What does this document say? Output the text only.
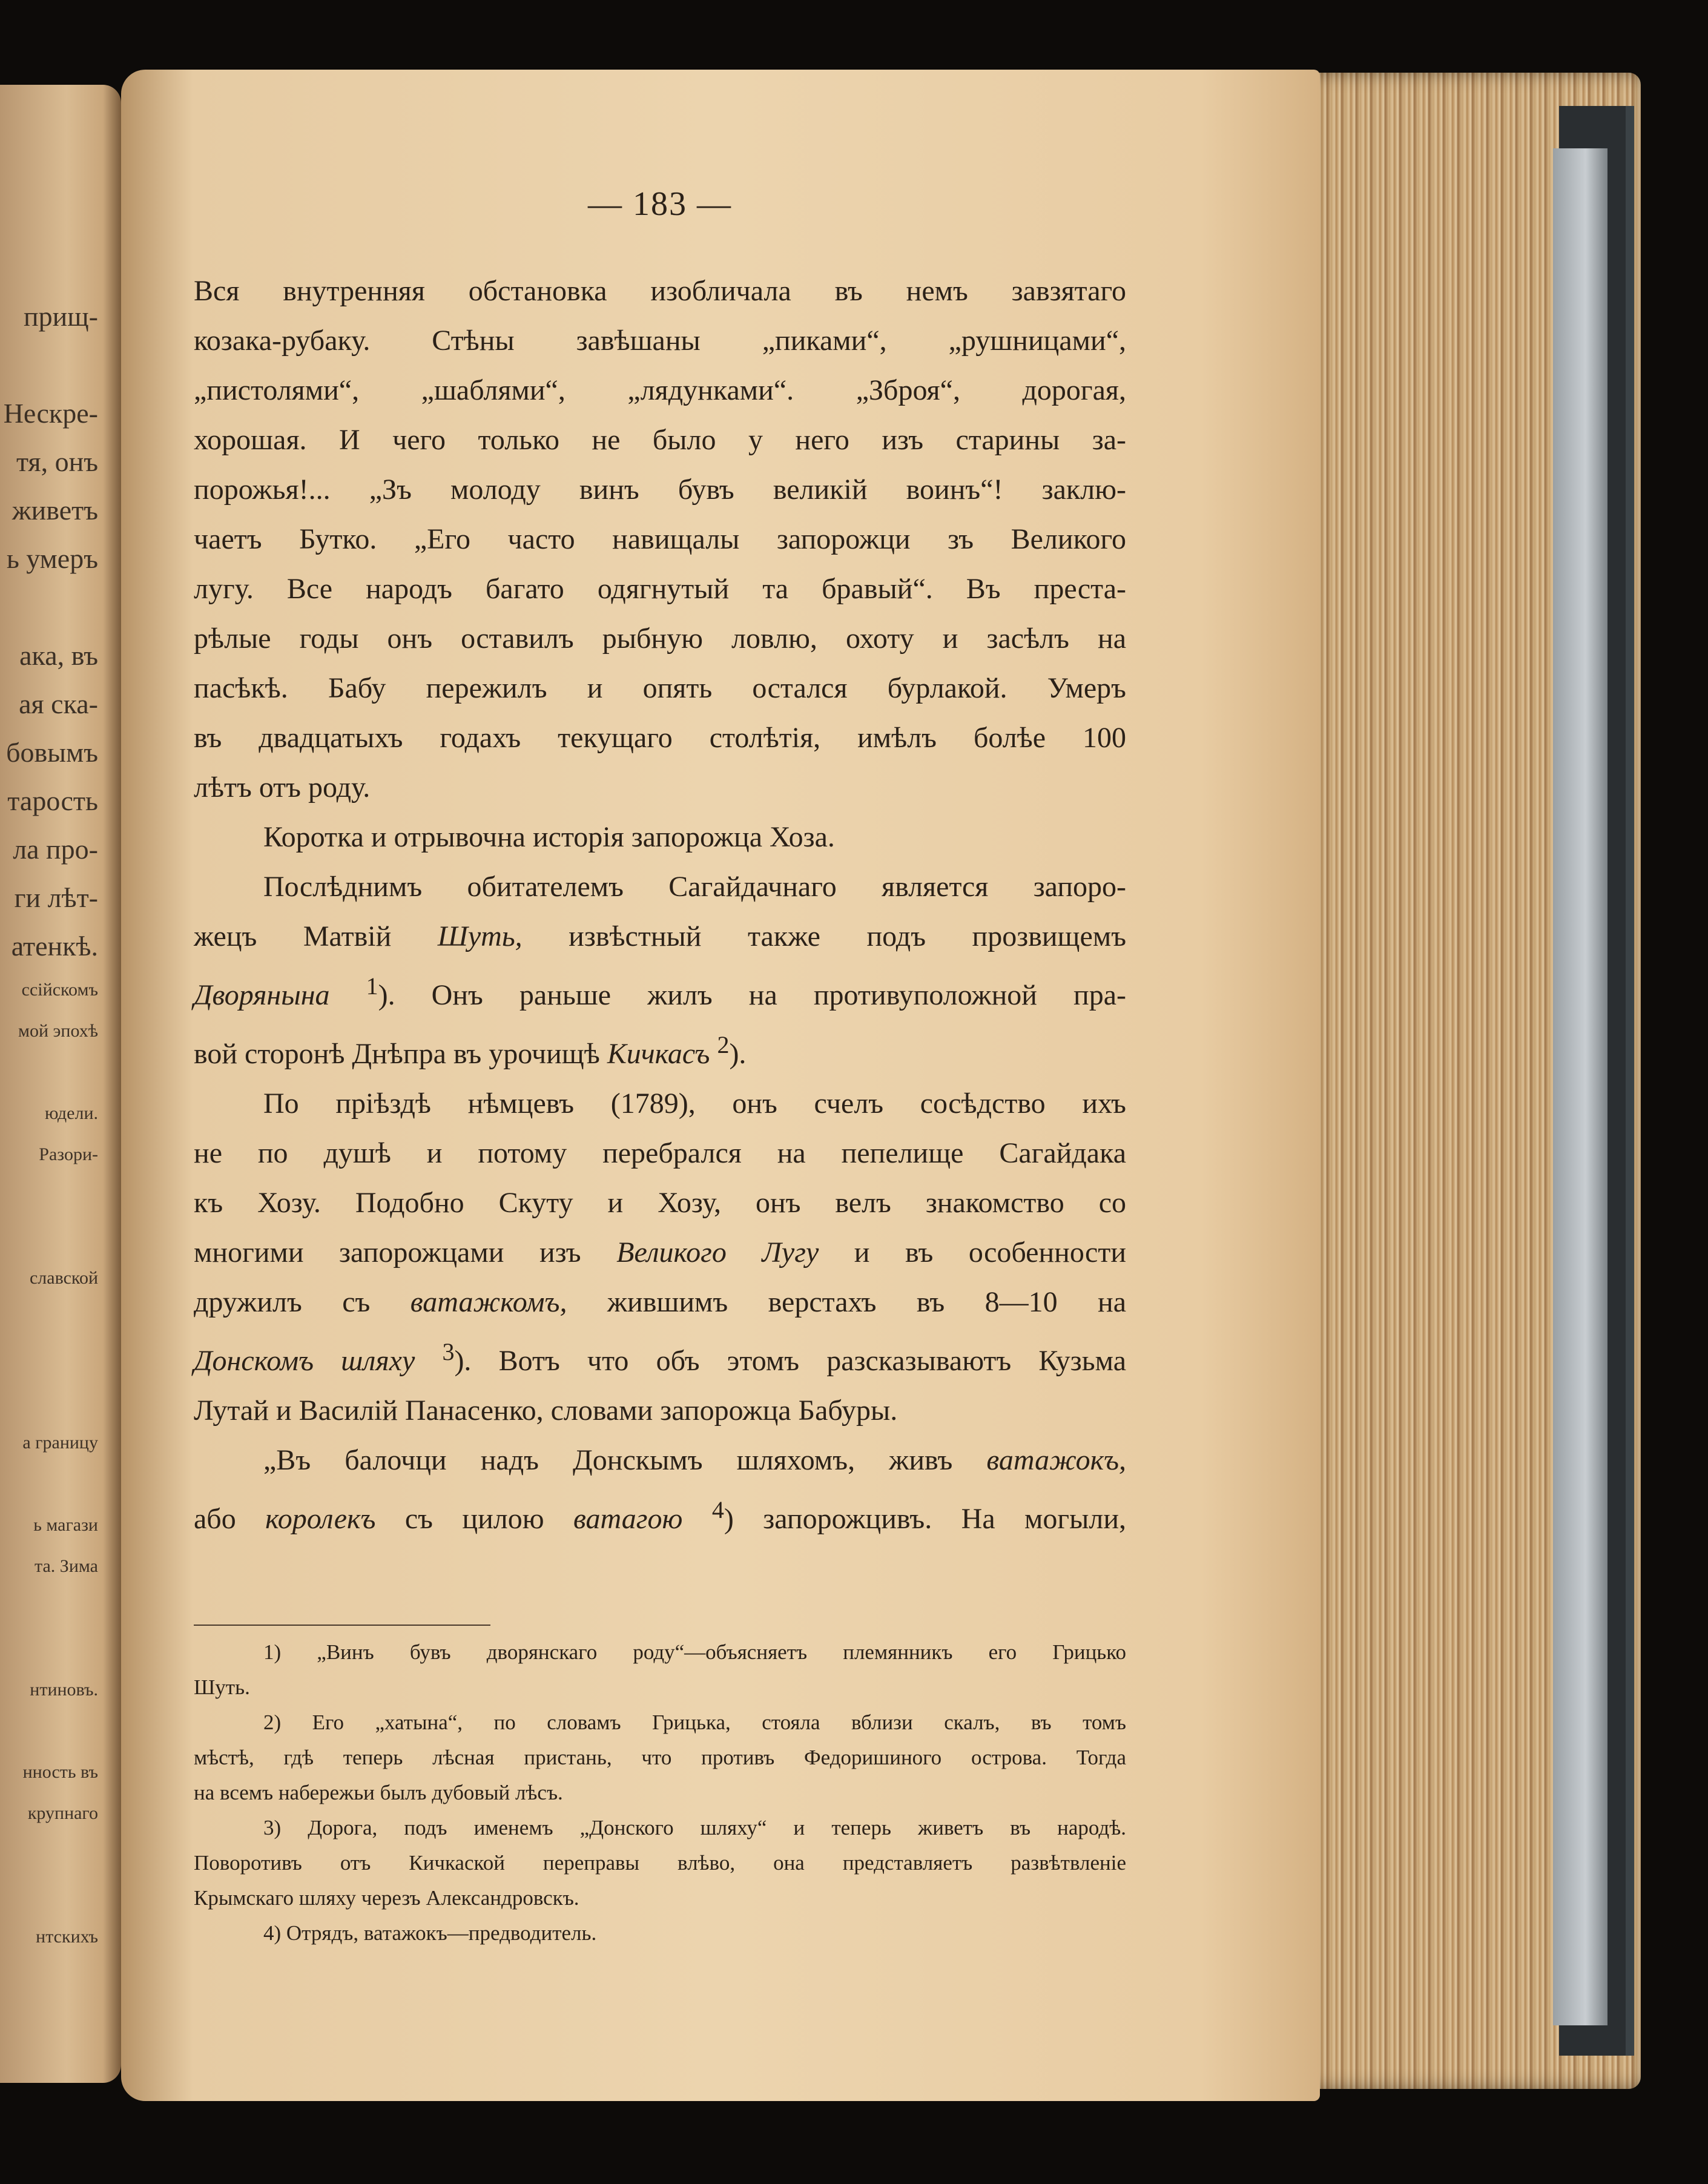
прищ-

Нескре-
тя, онъ
живетъ
ь умеръ

ака, въ
ая ска-
бовымъ
тарость
ла про-
ги лѣт-
атенкѣ.
ссійскомъ
мой эпохѣ

юдели.
Разори-

славской

а границу

ь магази
та. Зима

нтиновъ.

нность въ
крупнаго

нтскихъ
— 183 —
Вся внутренняя обстановка изобличала въ немъ завзятаго
козака-рубаку. Стѣны завѣшаны „пиками“, „рушницами“,
„пистолями“, „шаблями“, „лядунками“. „Зброя“, дорогая,
хорошая. И чего только не было у него изъ старины за-
порожья!... „Зъ молоду винъ бувъ великій воинъ“! заклю-
чаетъ Бутко. „Его часто навищалы запорожци зъ Великого
лугу. Все народъ багато одягнутый та бравый“. Въ преста-
рѣлые годы онъ оставилъ рыбную ловлю, охоту и засѣлъ на
пасѣкѣ. Бабу пережилъ и опять остался бурлакой. Умеръ
въ двадцатыхъ годахъ текущаго столѣтія, имѣлъ болѣе 100
лѣтъ отъ роду.
Коротка и отрывочна исторія запорожца Хоза.
Послѣднимъ обитателемъ Сагайдачнаго является запоро-
жецъ Матвій Шуть, извѣстный также подъ прозвищемъ
Дворянына $^1$). Онъ раньше жилъ на противуположной пра-
вой сторонѣ Днѣпра въ урочищѣ Кичкасъ $^2$).
По пріѣздѣ нѣмцевъ (1789), онъ счелъ сосѣдство ихъ
не по душѣ и потому перебрался на пепелище Сагайдака
къ Хозу. Подобно Скуту и Хозу, онъ велъ знакомство со
многими запорожцами изъ Великого Лугу и въ особенности
дружилъ съ ватажкомъ, жившимъ верстахъ въ 8—10 на
Донскомъ шляху $^3$). Вотъ что объ этомъ разсказываютъ Кузьма
Лутай и Василій Панасенко, словами запорожца Бабуры.
„Въ балочци надъ Донскымъ шляхомъ, живъ ватажокъ,
або королекъ съ цилою ватагою $^4$) запорожцивъ. На могыли,
1) „Винъ бувъ дворянскаго роду“—объясняетъ племянникъ его Грицько
Шуть.
2) Его „хатына“, по словамъ Грицька, стояла вблизи скалъ, въ томъ
мѣстѣ, гдѣ теперь лѣсная пристань, что противъ Федоришиного острова. Тогда
на всемъ набережьи былъ дубовый лѣсъ.
3) Дорога, подъ именемъ „Донского шляху“ и теперь живетъ въ народѣ.
Поворотивъ отъ Кичкаской переправы влѣво, она представляетъ развѣтвленіе
Крымскаго шляху черезъ Александровскъ.
4) Отрядъ, ватажокъ—предводитель.
